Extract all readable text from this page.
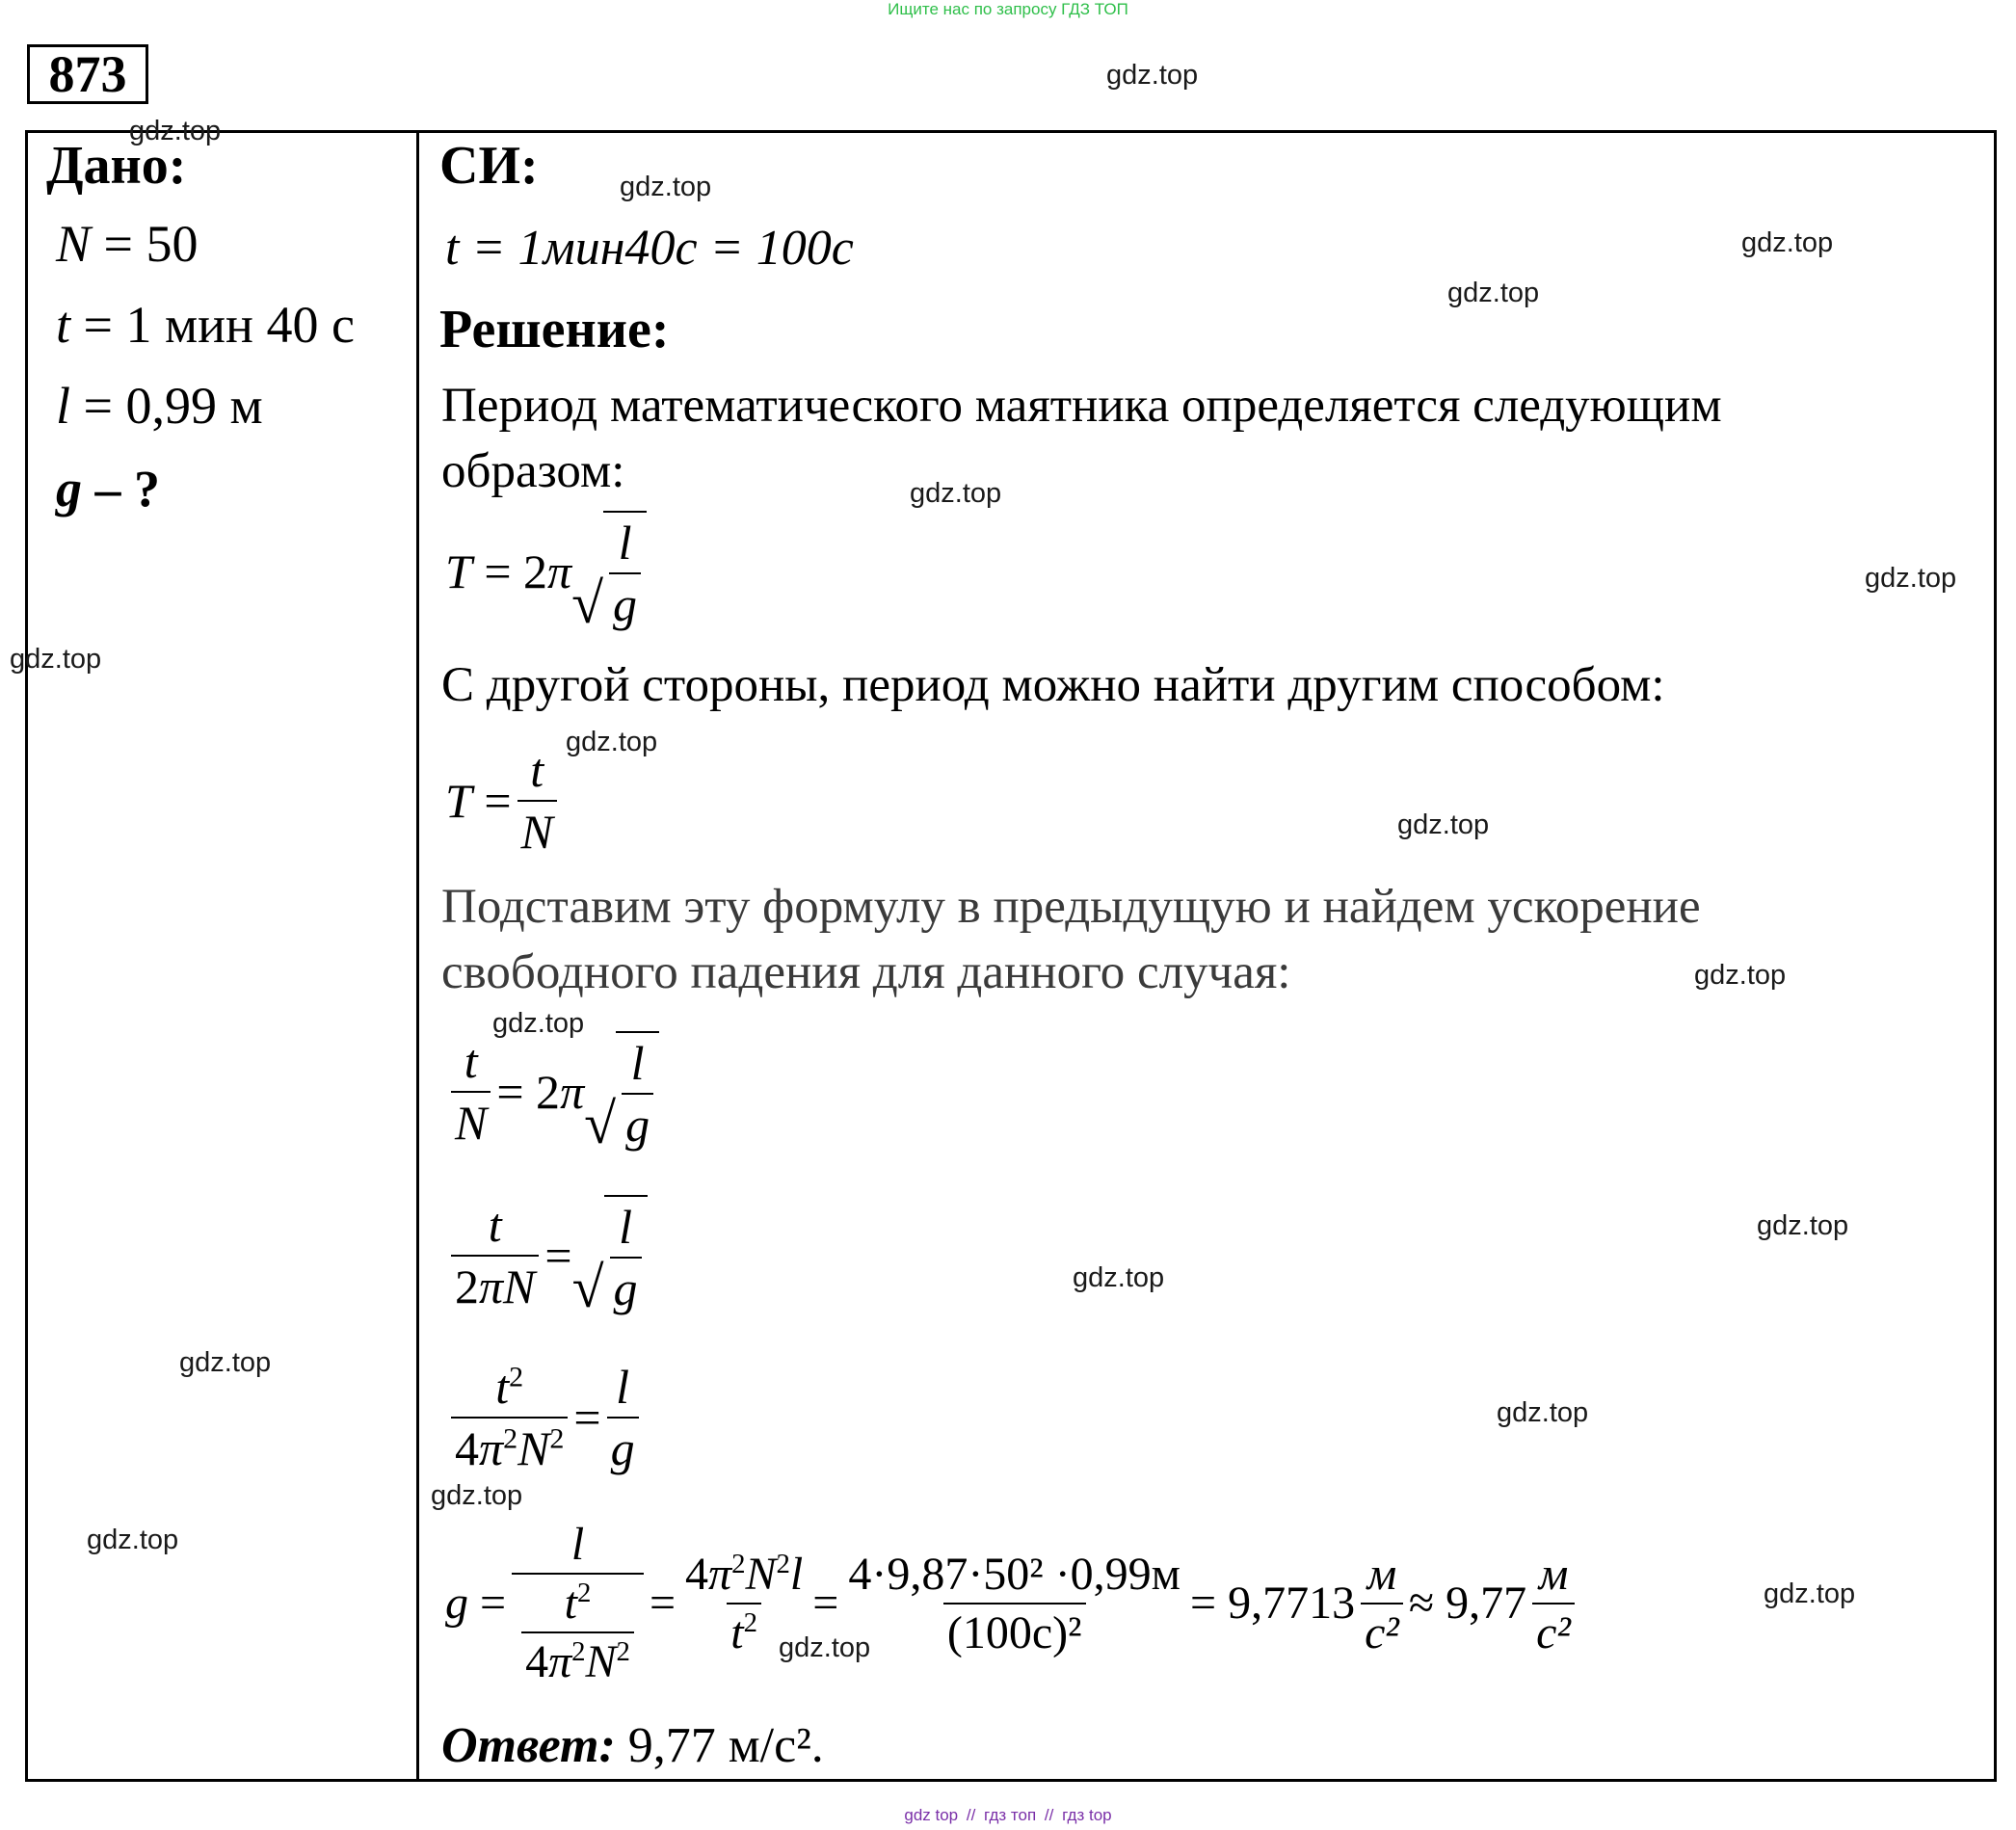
Ищите нас по запросу ГДЗ ТОП
873
Дано:
N = 50
t = 1 мин 40 с
l = 0,99 м
g – ?
СИ:
t = 1мин40с = 100с
Решение:
Период математического маятника определяется следующим
образом:
T = 2 π √ $\frac{l}{g}$
С другой стороны, период можно найти другим способом:
$T = \frac{t}{N}$
Подставим эту формулу в предыдущую и найдем ускорение
свободного падения для данного случая:
$\frac{t}{N} = 2$ π √ $\frac{l}{g}$
$\frac{t}{2\pi N}$ = √ $\frac{l}{g}$
$\frac{t^2}{4\pi^2N^2} = \frac{l}{g}$
$g = \frac{l}{\frac{t^2}{4\pi^2N^2}} = \frac{4\pi^2N^2l}{t^2} = \frac{\text{4·9,87·50² ·0,99м}}{\text{(100с)²}} = 9,7713 \frac{м}{\text{с²}} \approx 9,77 \frac{м}{\text{с²}}$
Ответ: 9,77 м/с².
gdz.top
gdz.top
gdz.top
gdz.top
gdz.top
gdz.top
gdz.top
gdz.top
gdz.top
gdz.top
gdz.top
gdz.top
gdz.top
gdz.top
gdz.top
gdz.top
gdz.top
gdz.top
gdz.top
gdz.top
gdz top // гдз топ // гдз top
